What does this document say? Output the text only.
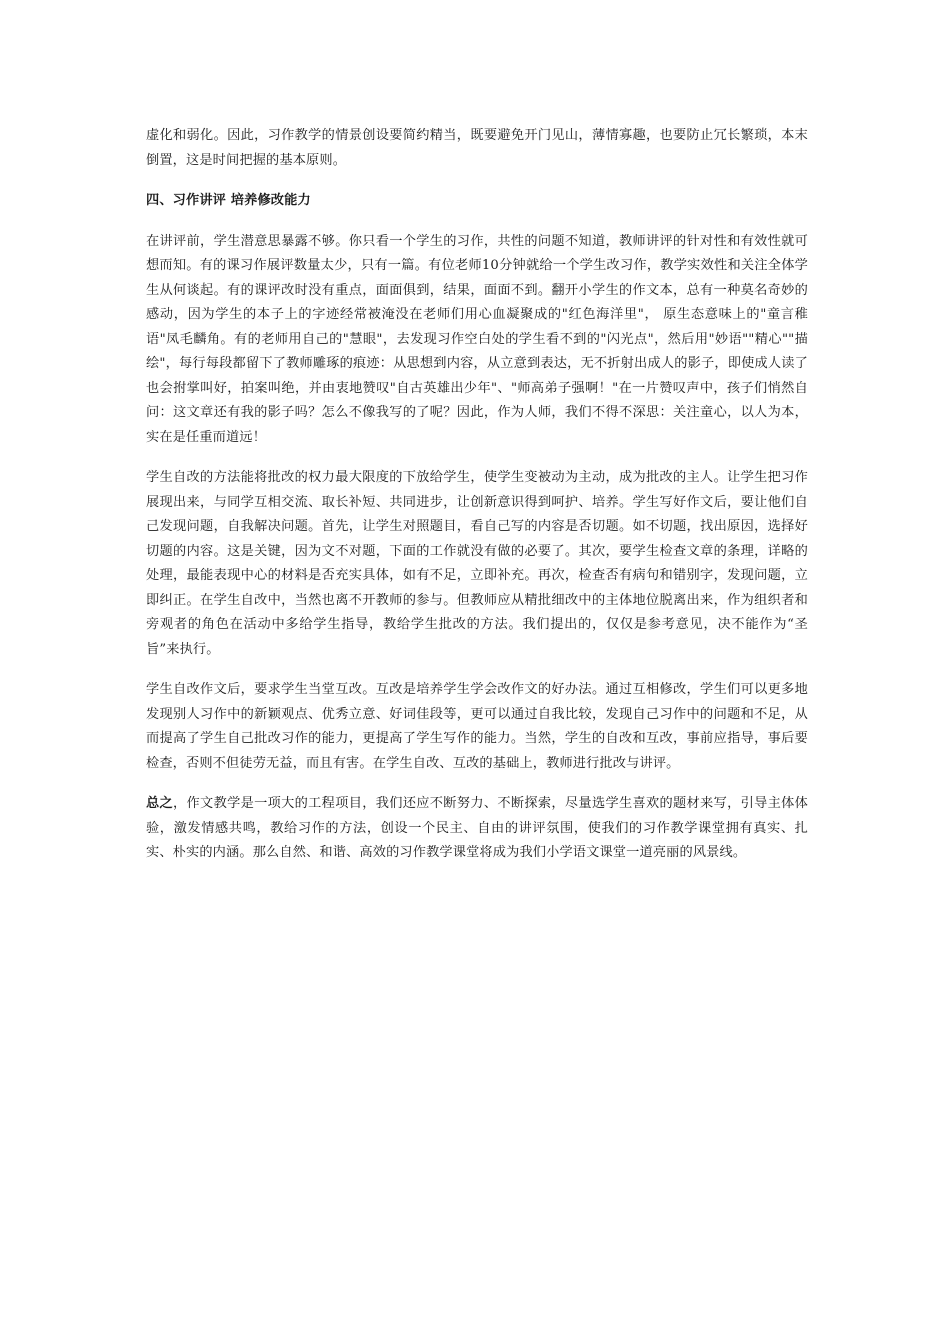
虚化和弱化。因此，习作教学的情景创设要简约精当，既要避免开门见山，薄情寡趣，也要防止冗长繁琐，本末倒置，这是时间把握的基本原则。

四、习作讲评 培养修改能力

在讲评前，学生潜意思暴露不够。你只看一个学生的习作，共性的问题不知道，教师讲评的针对性和有效性就可想而知。有的课习作展评数量太少，只有一篇。有位老师10分钟就给一个学生改习作，教学实效性和关注全体学生从何谈起。有的课评改时没有重点，面面俱到，结果，面面不到。翻开小学生的作文本，总有一种莫名奇妙的感动，因为学生的本子上的字迹经常被淹没在老师们用心血凝聚成的"红色海洋里"， 原生态意味上的"童言稚语"凤毛麟角。有的老师用自己的"慧眼"，去发现习作空白处的学生看不到的"闪光点"，然后用"妙语""精心""描绘"，每行每段都留下了教师雕琢的痕迹：从思想到内容，从立意到表达，无不折射出成人的影子，即使成人读了也会拊掌叫好，拍案叫绝，并由衷地赞叹"自古英雄出少年"、"师高弟子强啊！"在一片赞叹声中，孩子们悄然自问：这文章还有我的影子吗？怎么不像我写的了呢？因此，作为人师，我们不得不深思：关注童心，以人为本，实在是任重而道远！

学生自改的方法能将批改的权力最大限度的下放给学生，使学生变被动为主动，成为批改的主人。让学生把习作展现出来，与同学互相交流、取长补短、共同进步，让创新意识得到呵护、培养。学生写好作文后，要让他们自己发现问题，自我解决问题。首先，让学生对照题目，看自己写的内容是否切题。如不切题，找出原因，选择好切题的内容。这是关键，因为文不对题，下面的工作就没有做的必要了。其次，要学生检查文章的条理，详略的处理，最能表现中心的材料是否充实具体，如有不足，立即补充。再次，检查否有病句和错别字，发现问题，立即纠正。在学生自改中，当然也离不开教师的参与。但教师应从精批细改中的主体地位脱离出来，作为组织者和旁观者的角色在活动中多给学生指导，教给学生批改的方法。我们提出的，仅仅是参考意见，决不能作为“圣旨”来执行。

学生自改作文后，要求学生当堂互改。互改是培养学生学会改作文的好办法。通过互相修改，学生们可以更多地发现别人习作中的新颖观点、优秀立意、好词佳段等，更可以通过自我比较，发现自己习作中的问题和不足，从而提高了学生自己批改习作的能力，更提高了学生写作的能力。当然，学生的自改和互改，事前应指导，事后要检查，否则不但徒劳无益，而且有害。在学生自改、互改的基础上，教师进行批改与讲评。

总之，作文教学是一项大的工程项目，我们还应不断努力、不断探索，尽量选学生喜欢的题材来写，引导主体体验，激发情感共鸣，教给习作的方法，创设一个民主、自由的讲评氛围，使我们的习作教学课堂拥有真实、扎实、朴实的内涵。那么自然、和谐、高效的习作教学课堂将成为我们小学语文课堂一道亮丽的风景线。
